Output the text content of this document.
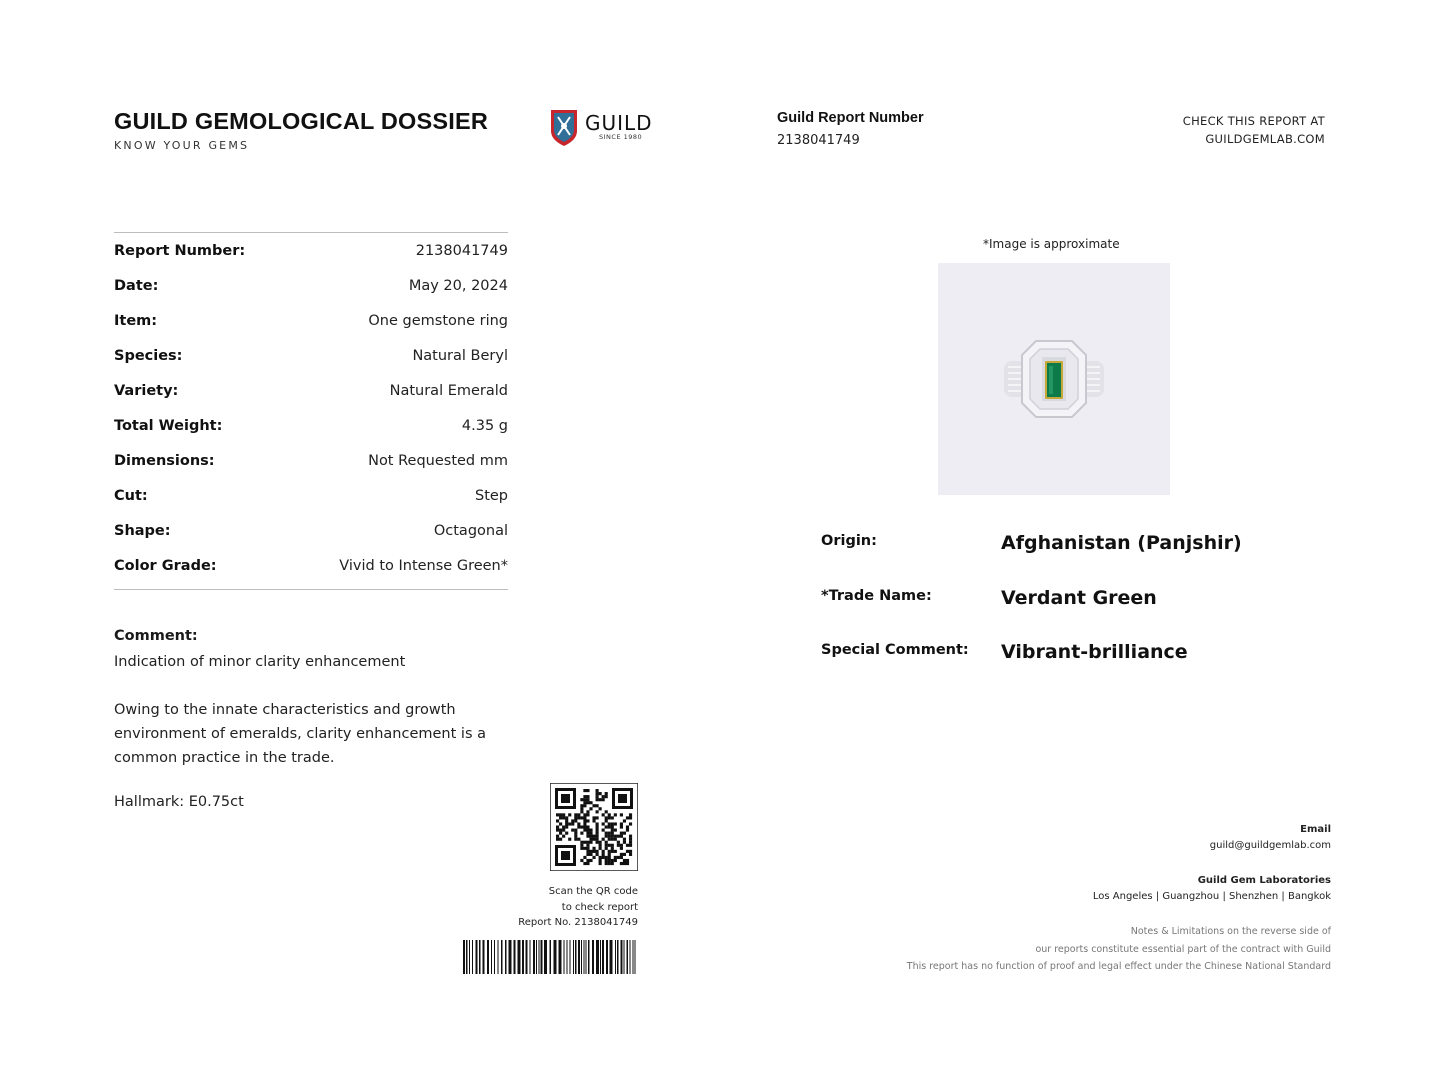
GUILD GEMOLOGICAL DOSSIER
KNOW YOUR GEMS
GUILD
SINCE 1980
Guild Report Number
2138041749
CHECK THIS REPORT AT
GUILDGEMLAB.COM
Report Number:	2138041749
Date:	May 20, 2024
Item:	One gemstone ring
Species:	Natural Beryl
Variety:	Natural Emerald
Total Weight:	4.35 g
Dimensions:	Not Requested mm
Cut:	Step
Shape:	Octagonal
Color Grade:	Vivid to Intense Green*
Comment:
Indication of minor clarity enhancement
Owing to the innate characteristics and growth environment of emeralds, clarity enhancement is a common practice in the trade.
Hallmark: E0.75ct
Scan the QR code
to check report
Report No. 2138041749
*Image is approximate
Origin:	Afghanistan (Panjshir)
*Trade Name:	Verdant Green
Special Comment: Vibrant-brilliance
Email
guild@guildgemlab.com
Guild Gem Laboratories
Los Angeles | Guangzhou | Shenzhen | Bangkok
Notes & Limitations on the reverse side of
our reports constitute essential part of the contract with Guild
This report has no function of proof and legal effect under the Chinese National Standard
